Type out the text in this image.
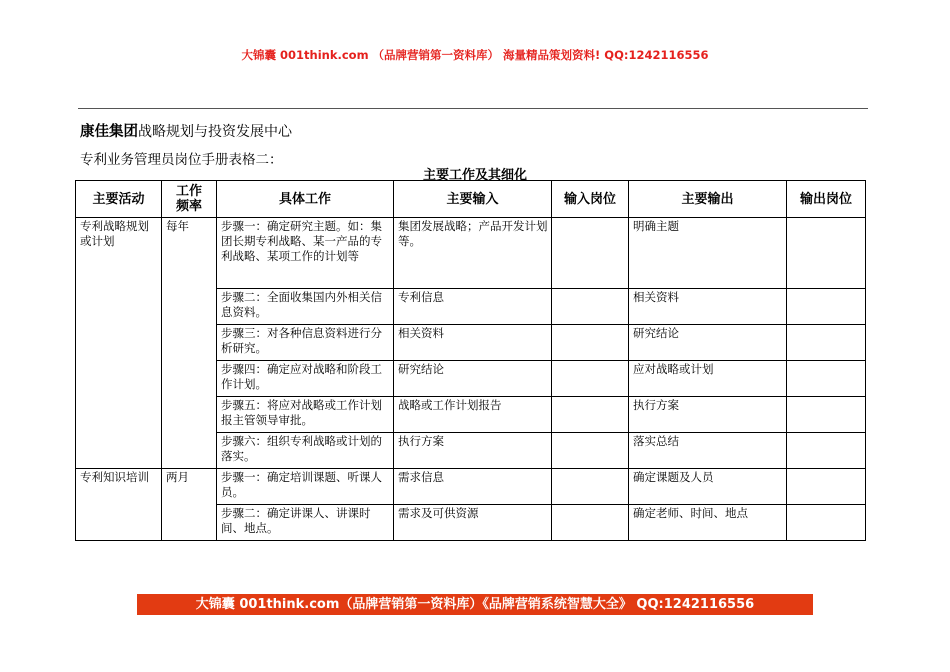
大锦囊 001think.com （品牌营销第一资料库） 海量精品策划资料! QQ:1242116556
康佳集团战略规划与投资发展中心
专利业务管理员岗位手册表格二：
主要工作及其细化
主要活动	工作频率	具体工作	主要输入	输入岗位	主要输出	输出岗位
专利战略规划或计划	每年	步骤一：确定研究主题。如：集团长期专利战略、某一产品的专利战略、某项工作的计划等	集团发展战略；产品开发计划等。		明确主题	
		步骤二：全面收集国内外相关信息资料。	专利信息		相关资料	
		步骤三：对各种信息资料进行分析研究。	相关资料		研究结论	
		步骤四：确定应对战略和阶段工作计划。	研究结论		应对战略或计划	
		步骤五：将应对战略或工作计划报主管领导审批。	战略或工作计划报告		执行方案	
		步骤六：组织专利战略或计划的落实。	执行方案		落实总结	
专利知识培训	两月	步骤一：确定培训课题、听课人员。	需求信息		确定课题及人员	
		步骤二：确定讲课人、讲课时间、地点。	需求及可供资源		确定老师、时间、地点	
大锦囊 001think.com（品牌营销第一资料库）《品牌营销系统智慧大全》 QQ:1242116556
